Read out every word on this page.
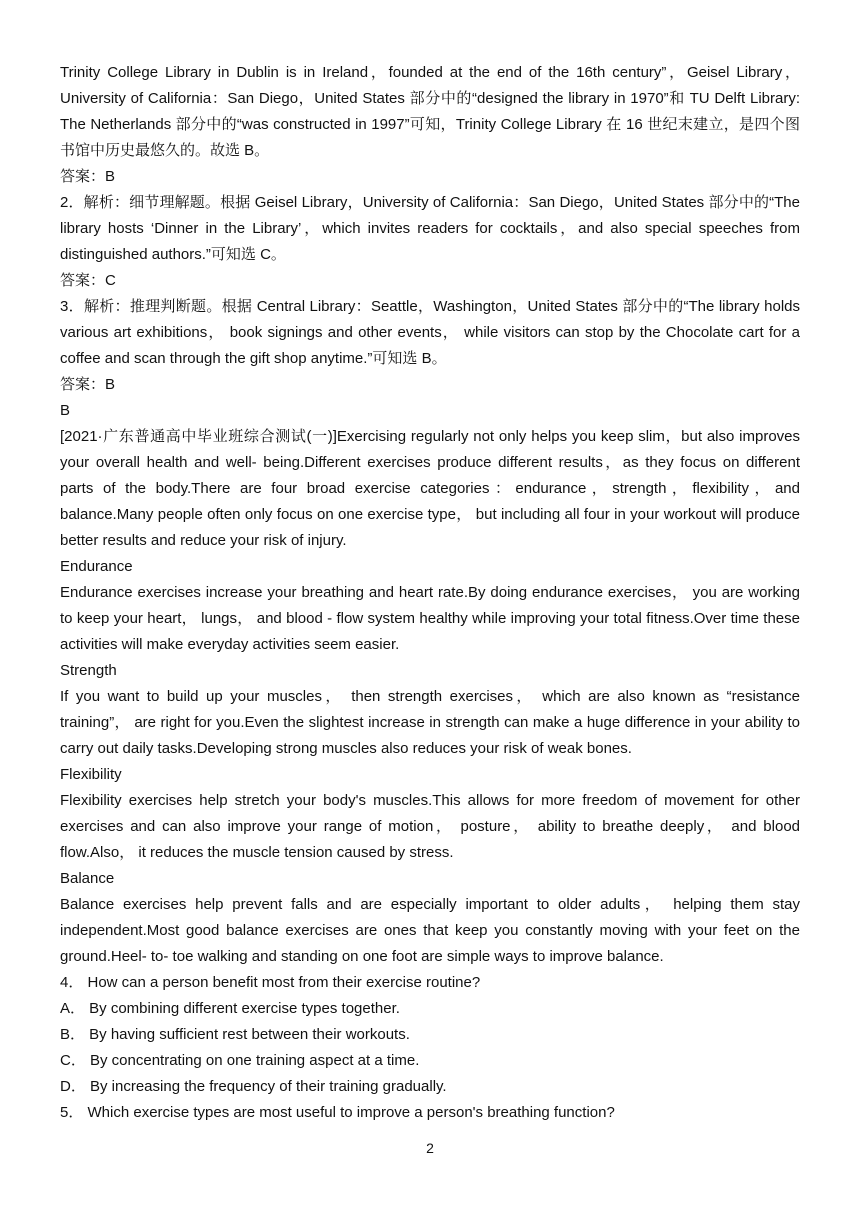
Trinity College Library in Dublin is in Ireland，founded at the end of the 16th century”，Geisel Library，University of California：San Diego，United States 部分中的“designed the library in 1970”和 TU Delft Library: The Netherlands 部分中的“was constructed in 1997”可知，Trinity College Library 在 16 世纪末建立，是四个图书馆中历史最悠久的。故选 B。

答案：B

2．解析：细节理解题。根据 Geisel Library，University of California：San Diego，United States 部分中的“The library hosts ‘Dinner in the Library’，which invites readers for cocktails，and also special speeches from distinguished authors.”可知选 C。

答案：C

3．解析：推理判断题。根据 Central Library：Seattle，Washington，United States 部分中的“The library holds various art exhibitions， book signings and other events， while visitors can stop by the Chocolate cart for a coffee and scan through the gift shop anytime.”可知选 B。

答案：B

B

[2021·广东普通高中毕业班综合测试(一)]Exercising regularly not only helps you keep slim，but also improves your overall health and well- being.Different exercises produce different results，as they focus on different parts of the body.There are four broad exercise categories：endurance，strength，flexibility，and balance.Many people often only focus on one exercise type， but including all four in your workout will produce better results and reduce your risk of injury.

Endurance

Endurance exercises increase your breathing and heart rate.By doing endurance exercises， you are working to keep your heart， lungs， and blood - flow system healthy while improving your total fitness.Over time these activities will make everyday activities seem easier.

Strength

If you want to build up your muscles， then strength exercises， which are also known as “resistance training”， are right for you.Even the slightest increase in strength can make a huge difference in your ability to carry out daily tasks.Developing strong muscles also reduces your risk of weak bones.

Flexibility

Flexibility exercises help stretch your body's muscles.This allows for more freedom of movement for other exercises and can also improve your range of motion， posture， ability to breathe deeply， and blood flow.Also， it reduces the muscle tension caused by stress.

Balance

Balance exercises help prevent falls and are especially important to older adults， helping them stay independent.Most good balance exercises are ones that keep you constantly moving with your feet on the ground.Heel- to- toe walking and standing on one foot are simple ways to improve balance.

4． How can a person benefit most from their exercise routine?

A． By combining different exercise types together.

B． By having sufficient rest between their workouts.

C． By concentrating on one training aspect at a time.

D． By increasing the frequency of their training gradually.

5． Which exercise types are most useful to improve a person's breathing function?

2
